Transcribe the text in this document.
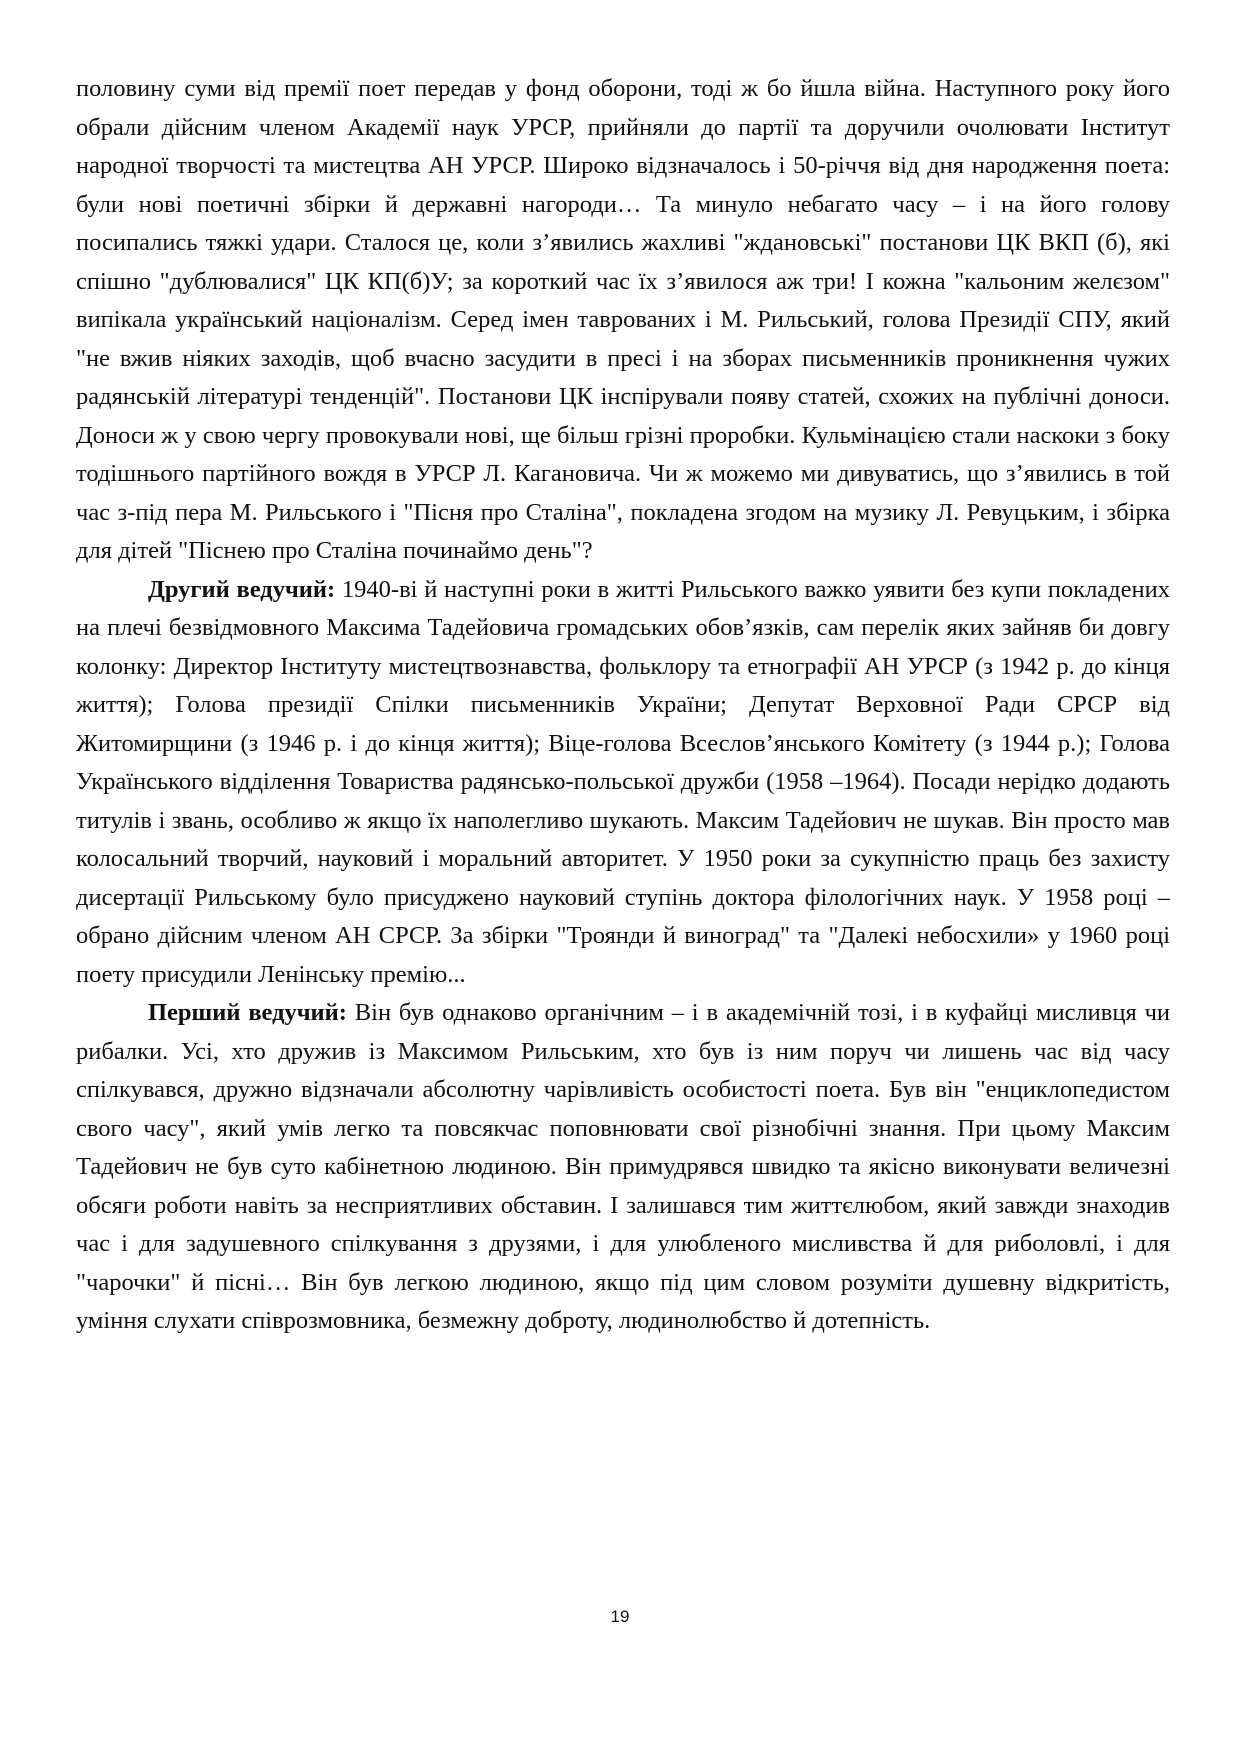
половину суми від премії поет передав у фонд оборони, тоді ж бо йшла війна. Наступного року його обрали дійсним членом Академії наук УРСР, прийняли до партії та доручили очолювати Інститут народної творчості та мистецтва АН УРСР. Широко відзначалось і 50-річчя від дня народження поета: були нові поетичні збірки й державні нагороди… Та минуло небагато часу – і на його голову посипались тяжкі удари. Сталося це, коли з’явились жахливі "ждановські" постанови ЦК ВКП (б), які спішно "дублювалися" ЦК КП(б)У; за короткий час їх з’явилося аж три! І кожна "кальоним желєзом" випікала український націоналізм. Серед імен таврованих і М. Рильський, голова Президії СПУ, який "не вжив ніяких заходів, щоб вчасно засудити в пресі і на зборах письменників проникнення чужих радянській літературі тенденцій". Постанови ЦК інспірували появу статей, схожих на публічні доноси. Доноси ж у свою чергу провокували нові, ще більш грізні проробки. Кульмінацією стали наскоки з боку тодішнього партійного вождя в УРСР Л. Кагановича. Чи ж можемо ми дивуватись, що з’явились в той час з-під пера М. Рильського і "Пісня про Сталіна", покладена згодом на музику Л. Ревуцьким, і збірка для дітей "Піснею про Сталіна починаймо день"?

Другий ведучий: 1940-ві й наступні роки в житті Рильського важко уявити без купи покладених на плечі безвідмовного Максима Тадейовича громадських обов’язків, сам перелік яких зайняв би довгу колонку: Директор Інституту мистецтвознавства, фольклору та етнографії АН УРСР (з 1942 р. до кінця життя); Голова президії Спілки письменників України; Депутат Верховної Ради СРСР від Житомирщини (з 1946 р. і до кінця життя); Віце-голова Всеслов’янського Комітету (з 1944 р.); Голова Українського відділення Товариства радянсько-польської дружби (1958 –1964). Посади нерідко додають титулів і звань, особливо ж якщо їх наполегливо шукають. Максим Тадейович не шукав. Він просто мав колосальний творчий, науковий і моральний авторитет. У 1950 роки за сукупністю праць без захисту дисертації Рильському було присуджено науковий ступінь доктора філологічних наук. У 1958 році – обрано дійсним членом АН СРСР. За збірки "Троянди й виноград" та "Далекі небосхили» у 1960 році поету присудили Ленінську премію...

Перший ведучий: Він був однаково органічним – і в академічній тозі, і в куфайці мисливця чи рибалки. Усі, хто дружив із Максимом Рильським, хто був із ним поруч чи лишень час від часу спілкувався, дружно відзначали абсолютну чарівливість особистості поета. Був він "енциклопедистом свого часу", який умів легко та повсякчас поповнювати свої різнобічні знання. При цьому Максим Тадейович не був суто кабінетною людиною. Він примудрявся швидко та якісно виконувати величезні обсяги роботи навіть за несприятливих обставин. І залишався тим життєлюбом, який завжди знаходив час і для задушевного спілкування з друзями, і для улюбленого мисливства й для риболовлі, і для "чарочки" й пісні… Він був легкою людиною, якщо під цим словом розуміти душевну відкритість, уміння слухати співрозмовника, безмежну доброту, людинолюбство й дотепність.

19
